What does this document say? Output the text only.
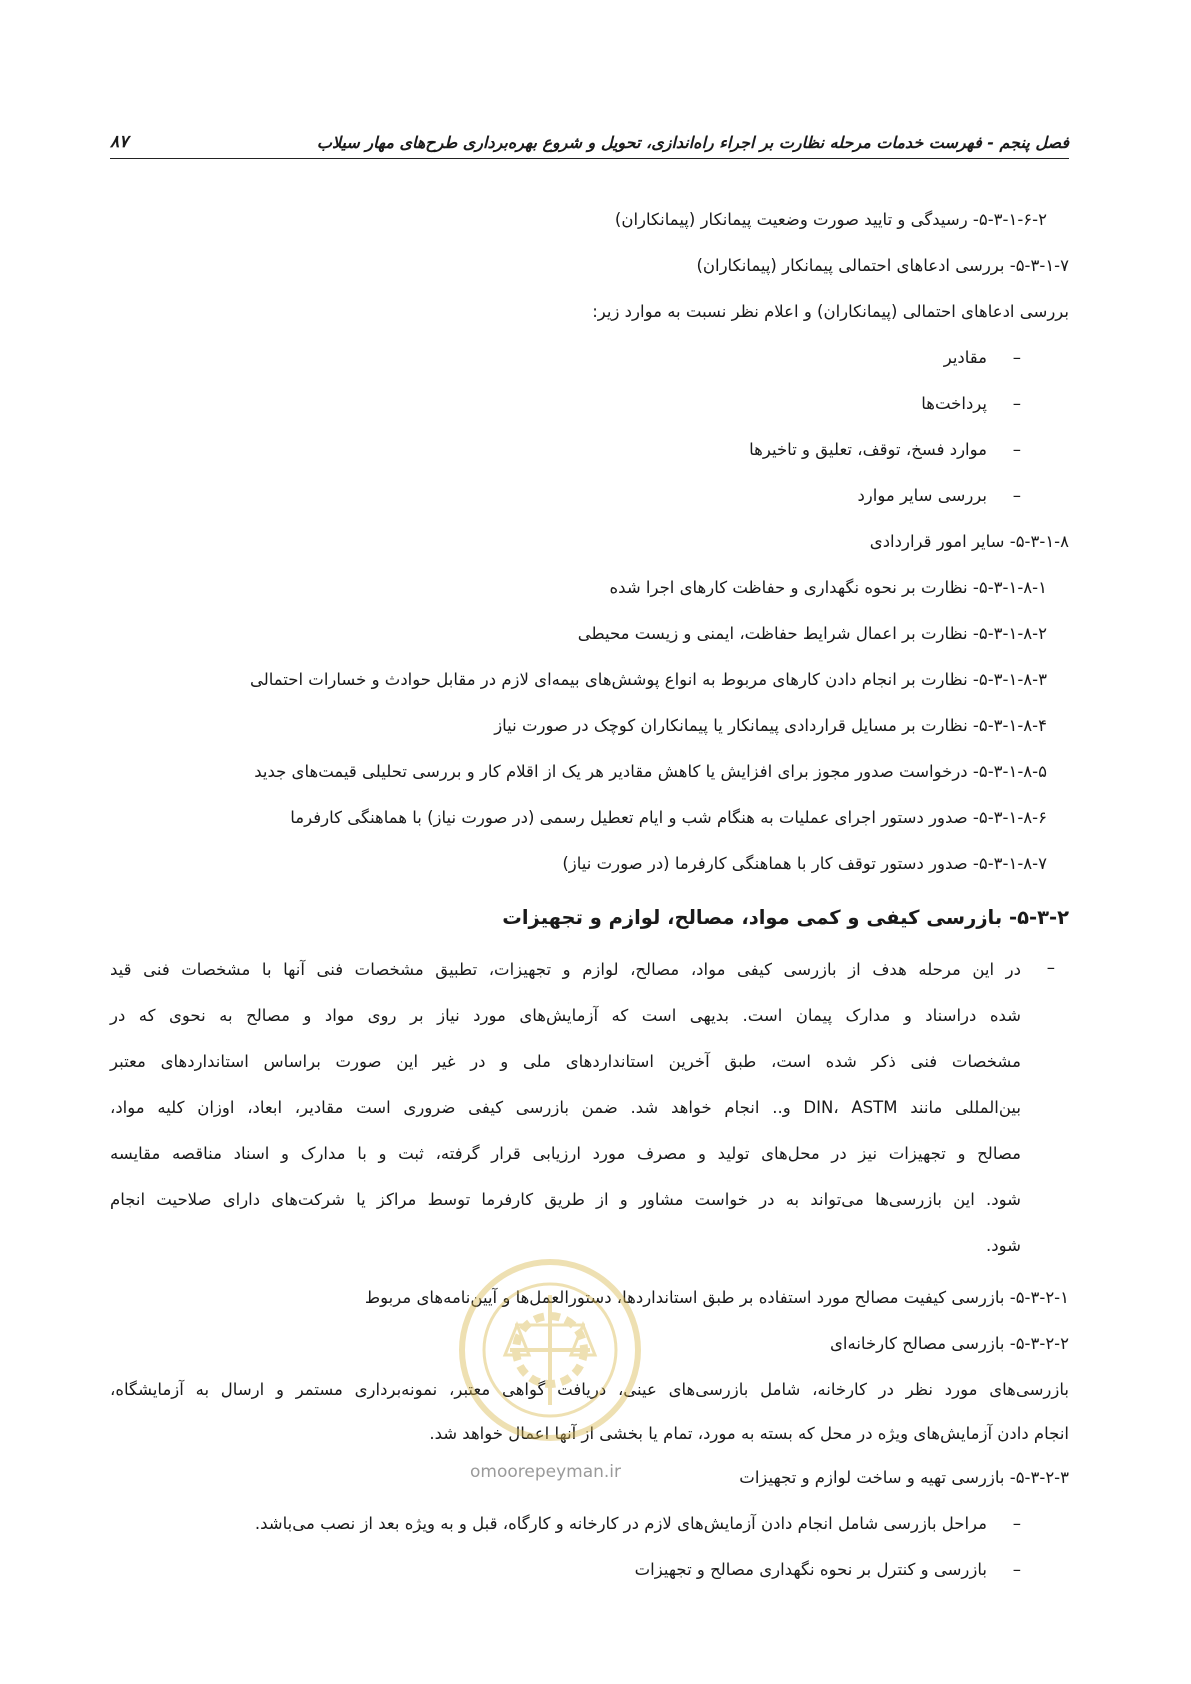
فصل پنجم - فهرست خدمات مرحله نظارت بر اجراء راه‌اندازی، تحویل و شروع بهره‌برداری طرح‌های مهار سیلاب
۸۷
۵-۳-۱-۶-۲- رسیدگی و تایید صورت وضعیت پیمانکار (پیمانکاران)
۵-۳-۱-۷- بررسی ادعاهای احتمالی پیمانکار (پیمانکاران)
بررسی ادعاهای احتمالی (پیمانکاران) و اعلام نظر نسبت به موارد زیر:
–مقادیر
–پرداخت‌ها
–موارد فسخ، توقف، تعلیق و تاخیرها
–بررسی سایر موارد
۵-۳-۱-۸- سایر امور قراردادی
۵-۳-۱-۸-۱- نظارت بر نحوه نگهداری و حفاظت کارهای اجرا شده
۵-۳-۱-۸-۲- نظارت بر اعمال شرایط حفاظت، ایمنی و زیست محیطی
۵-۳-۱-۸-۳- نظارت بر انجام دادن کارهای مربوط به انواع پوشش‌های بیمه‌ای لازم در مقابل حوادث و خسارات احتمالی
۵-۳-۱-۸-۴- نظارت بر مسایل قراردادی پیمانکار یا پیمانکاران کوچک در صورت نیاز
۵-۳-۱-۸-۵- درخواست صدور مجوز برای افزایش یا کاهش مقادیر هر یک از اقلام کار و بررسی تحلیلی قیمت‌های جدید
۵-۳-۱-۸-۶- صدور دستور اجرای عملیات به هنگام شب و ایام تعطیل رسمی (در صورت نیاز) با هماهنگی کارفرما
۵-۳-۱-۸-۷- صدور دستور توقف کار با هماهنگی کارفرما (در صورت نیاز)
۵-۳-۲- بازرسی کیفی و کمی مواد، مصالح، لوازم و تجهیزات
–
در این مرحله هدف از بازرسی کیفی مواد، مصالح، لوازم و تجهیزات، تطبیق مشخصات فنی آنها با مشخصات فنی قید
شده دراسناد و مدارک پیمان است. بدیهی است که آزمایش‌های مورد نیاز بر روی مواد و مصالح به نحوی که در
مشخصات فنی ذکر شده است، طبق آخرین استانداردهای ملی و در غیر این صورت براساس استانداردهای معتبر
بین‌المللی مانند DIN، ASTM و.. انجام خواهد شد. ضمن بازرسی کیفی ضروری است مقادیر، ابعاد، اوزان کلیه مواد،
مصالح و تجهیزات نیز در محل‌های تولید و مصرف مورد ارزیابی قرار گرفته، ثبت و با مدارک و اسناد مناقصه مقایسه
شود. این بازرسی‌ها می‌تواند به در خواست مشاور و از طریق کارفرما توسط مراکز یا شرکت‌های دارای صلاحیت انجام
شود.
۵-۳-۲-۱- بازرسی کیفیت مصالح مورد استفاده بر طبق استانداردها، دستورالعمل‌ها و آیین‌نامه‌های مربوط
۵-۳-۲-۲- بازرسی مصالح کارخانه‌ای
بازرسی‌های مورد نظر در کارخانه، شامل بازرسی‌های عینی، دریافت گواهی معتبر، نمونه‌برداری مستمر و ارسال به آزمایشگاه،
انجام دادن آزمایش‌های ویژه در محل که بسته به مورد، تمام یا بخشی از آنها اعمال خواهد شد.
۵-۳-۲-۳- بازرسی تهیه و ساخت لوازم و تجهیزات
–مراحل بازرسی شامل انجام دادن آزمایش‌های لازم در کارخانه و کارگاه، قبل و به ویژه بعد از نصب می‌باشد.
–بازرسی و کنترل بر نحوه نگهداری مصالح و تجهیزات
omoorepeyman.ir
